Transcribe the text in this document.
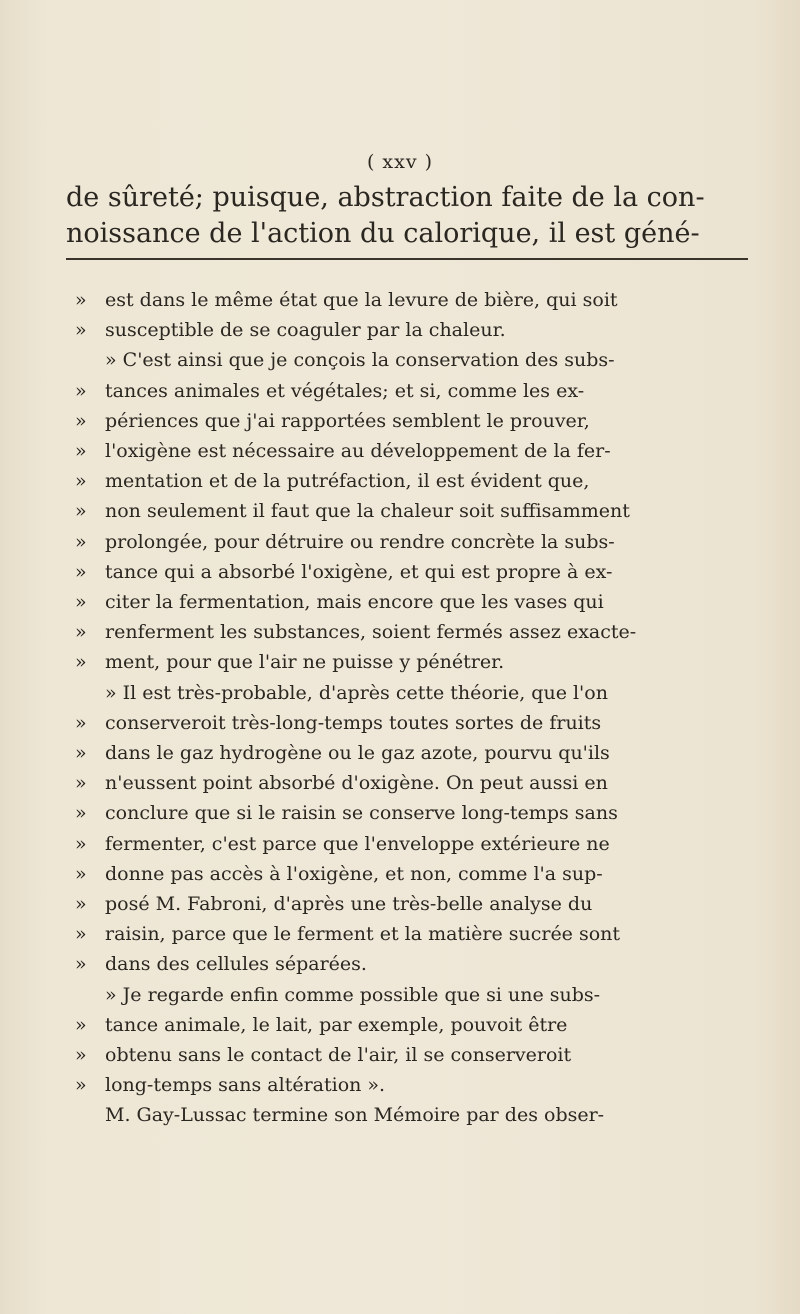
( xxv )
de sûreté; puisque, abstraction faite de la con-
noissance de l'action du calorique, il est géné-
» est dans le même état que la levure de bière, qui soit
» susceptible de se coaguler par la chaleur.
» C'est ainsi que je conçois la conservation des subs-
» tances animales et végétales; et si, comme les ex-
» périences que j'ai rapportées semblent le prouver,
» l'oxigène est nécessaire au développement de la fer-
» mentation et de la putréfaction, il est évident que,
» non seulement il faut que la chaleur soit suffisamment
» prolongée, pour détruire ou rendre concrète la subs-
» tance qui a absorbé l'oxigène, et qui est propre à ex-
» citer la fermentation, mais encore que les vases qui
» renferment les substances, soient fermés assez exacte-
» ment, pour que l'air ne puisse y pénétrer.
» Il est très-probable, d'après cette théorie, que l'on
» conserveroit très-long-temps toutes sortes de fruits
» dans le gaz hydrogène ou le gaz azote, pourvu qu'ils
» n'eussent point absorbé d'oxigène. On peut aussi en
» conclure que si le raisin se conserve long-temps sans
» fermenter, c'est parce que l'enveloppe extérieure ne
» donne pas accès à l'oxigène, et non, comme l'a sup-
» posé M. Fabroni, d'après une très-belle analyse du
» raisin, parce que le ferment et la matière sucrée sont
» dans des cellules séparées.
» Je regarde enfin comme possible que si une subs-
» tance animale, le lait, par exemple, pouvoit être
» obtenu sans le contact de l'air, il se conserveroit
» long-temps sans altération ».
M. Gay-Lussac termine son Mémoire par des obser-
